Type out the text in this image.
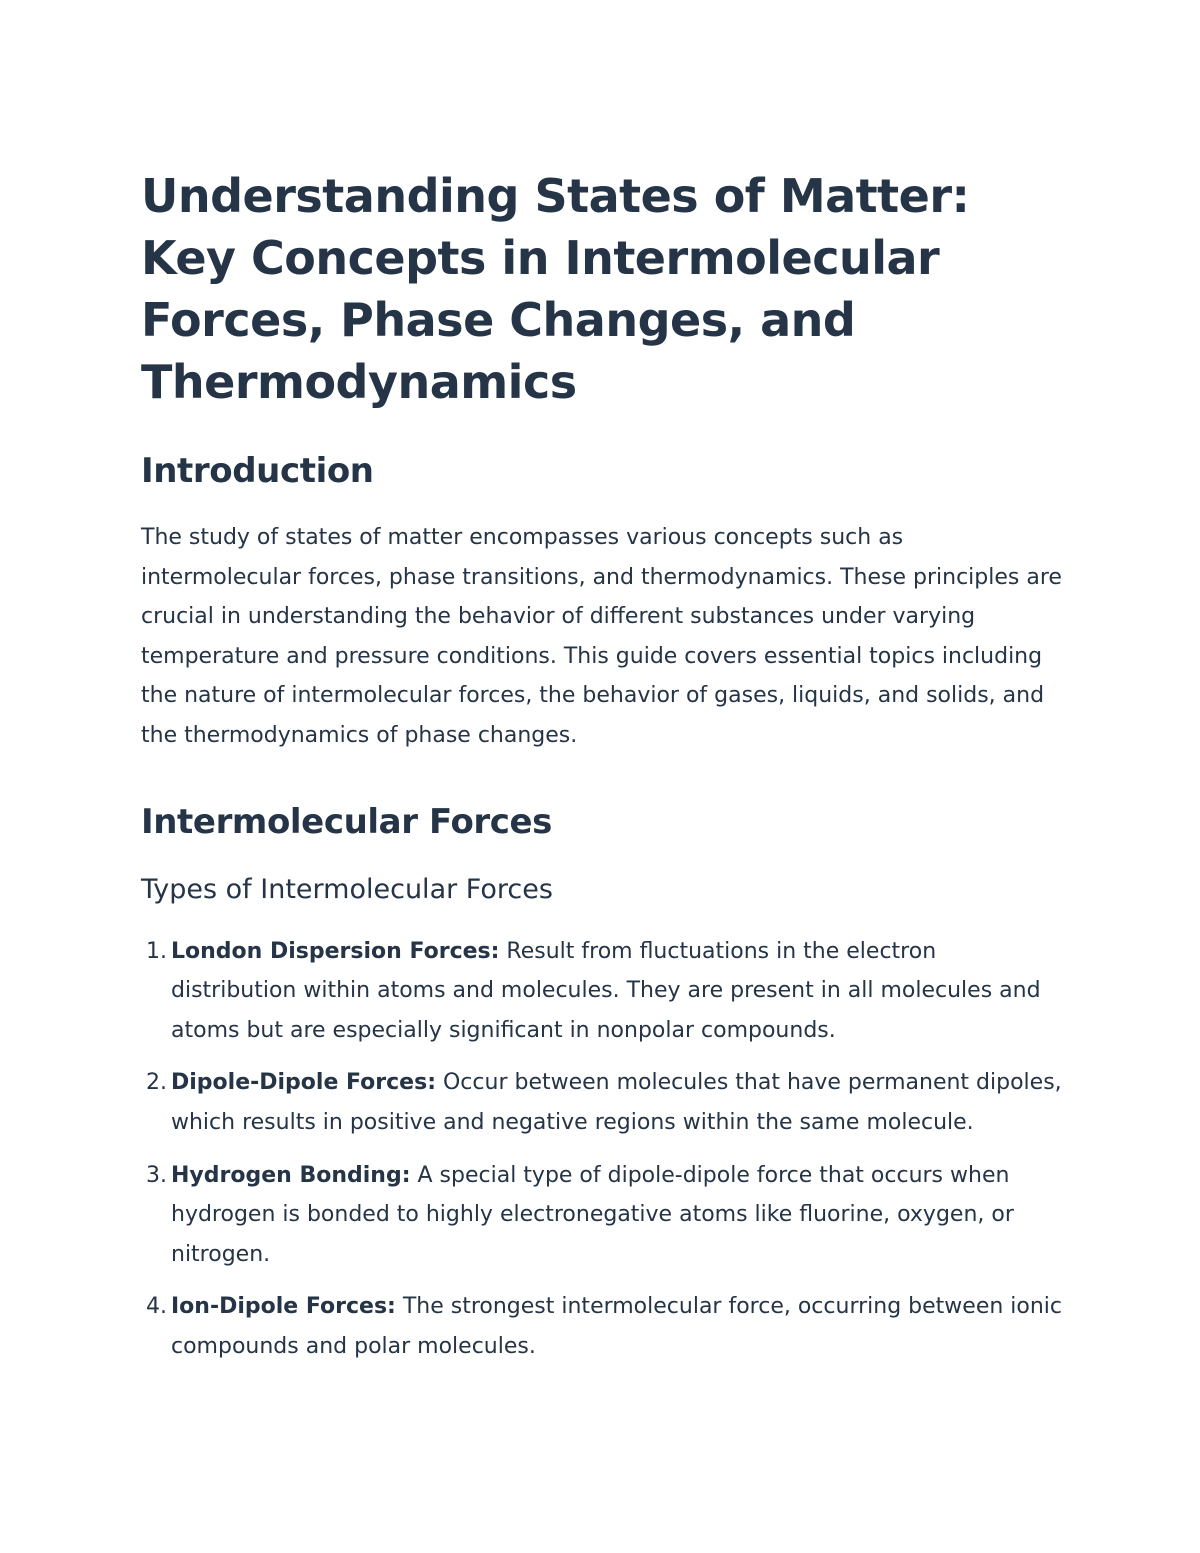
Understanding States of Matter: Key Concepts in Intermolecular Forces, Phase Changes, and Thermodynamics
Introduction

The study of states of matter encompasses various concepts such as intermolecular forces, phase transitions, and thermodynamics. These principles are crucial in understanding the behavior of different substances under varying temperature and pressure conditions. This guide covers essential topics including the nature of intermolecular forces, the behavior of gases, liquids, and solids, and the thermodynamics of phase changes.

Intermolecular Forces
Types of Intermolecular Forces
1. London Dispersion Forces: Result from fluctuations in the electron distribution within atoms and molecules. They are present in all molecules and atoms but are especially significant in nonpolar compounds.
2. Dipole-Dipole Forces: Occur between molecules that have permanent dipoles, which results in positive and negative regions within the same molecule.
3. Hydrogen Bonding: A special type of dipole-dipole force that occurs when hydrogen is bonded to highly electronegative atoms like fluorine, oxygen, or nitrogen.
4. Ion-Dipole Forces: The strongest intermolecular force, occurring between ionic compounds and polar molecules.
